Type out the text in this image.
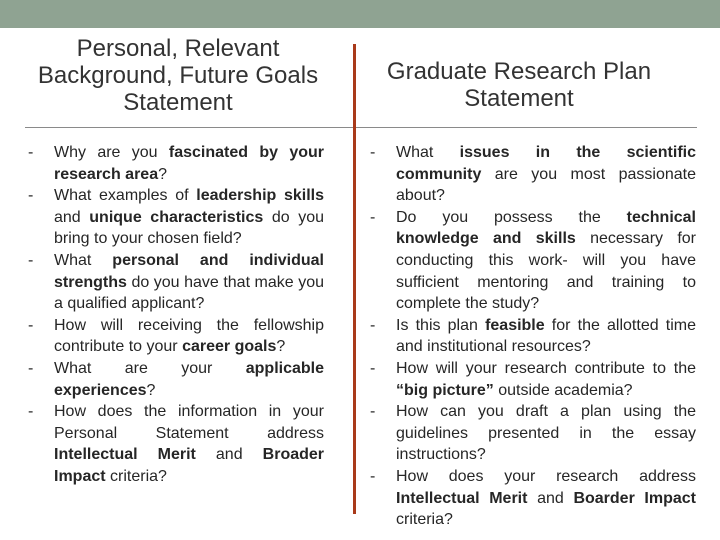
Personal, Relevant
Background, Future Goals
Statement
Graduate Research Plan
Statement
- Why are you fascinated by your research area?
- What examples of leadership skills and unique characteristics do you bring to your chosen field?
- What personal and individual strengths do you have that make you a qualified applicant?
- How will receiving the fellowship contribute to your career goals?
- What are your applicable experiences?
- How does the information in your Personal Statement address Intellectual Merit and Broader Impact criteria?
- What issues in the scientific community are you most passionate about?
- Do you possess the technical knowledge and skills necessary for conducting this work- will you have sufficient mentoring and training to complete the study?
- Is this plan feasible for the allotted time and institutional resources?
- How will your research contribute to the “big picture” outside academia?
- How can you draft a plan using the guidelines presented in the essay instructions?
- How does your research address Intellectual Merit and Boarder Impact criteria?
